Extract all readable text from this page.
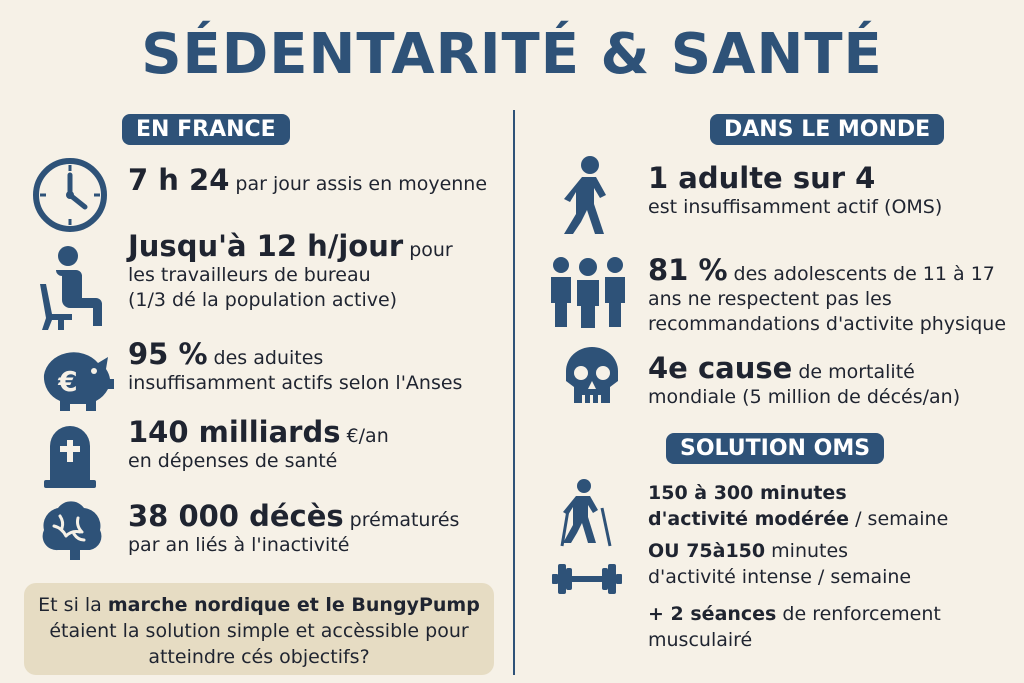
SÉDENTARITÉ & SANTÉ
EN FRANCE	DANS LE MONDE
7 h 24 par jour assis en moyenne
Jusqu'à 12 h/jour pour
les travailleurs de bureau
(1/3 dé la population active)
€
95 % des aduites
insuffisamment actifs selon l'Anses
140 milliards €/an
en dépenses de santé
38 000 décès prématurés
par an liés à l'inactivité
Et si la marche nordique et le BungyPump
étaient la solution simple et accèssible pour
atteindre cés objectifs?
1 adulte sur 4
est insuffisamment actif (OMS)
81 % des adolescents de 11 à 17
ans ne respectent pas les
recommandations d'activite physique
4e cause de mortalité
mondiale (5 million de décés/an)
SOLUTION OMS
150 à 300 minutes
d'activité modérée / semaine
OU 75à150 minutes
d'activité intense / semaine
+ 2 séances de renforcement
musculairé
